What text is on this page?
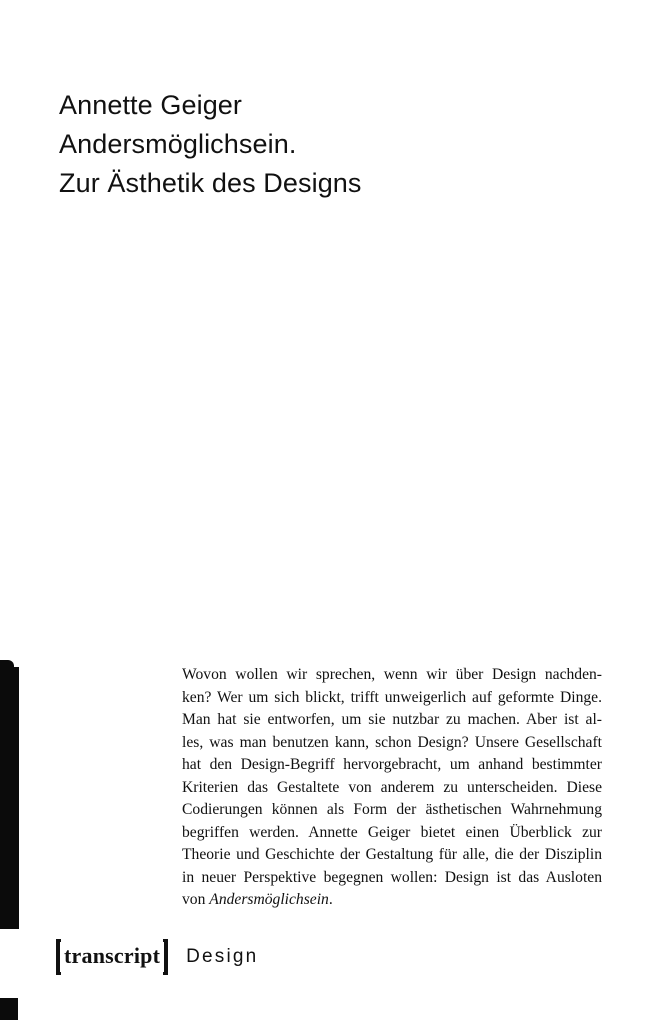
Annette Geiger
Andersmöglichsein.
Zur Ästhetik des Designs
Wovon wollen wir sprechen, wenn wir über Design nachden-
ken? Wer um sich blickt, trifft unweigerlich auf geformte Dinge.
Man hat sie entworfen, um sie nutzbar zu machen. Aber ist al-
les, was man benutzen kann, schon Design? Unsere Gesellschaft
hat den Design-Begriff hervorgebracht, um anhand bestimmter
Kriterien das Gestaltete von anderem zu unterscheiden. Diese
Codierungen können als Form der ästhetischen Wahrnehmung
begriffen werden. Annette Geiger bietet einen Überblick zur
Theorie und Geschichte der Gestaltung für alle, die der Disziplin
in neuer Perspektive begegnen wollen: Design ist das Ausloten
von Andersmöglichsein.
transcript Design
